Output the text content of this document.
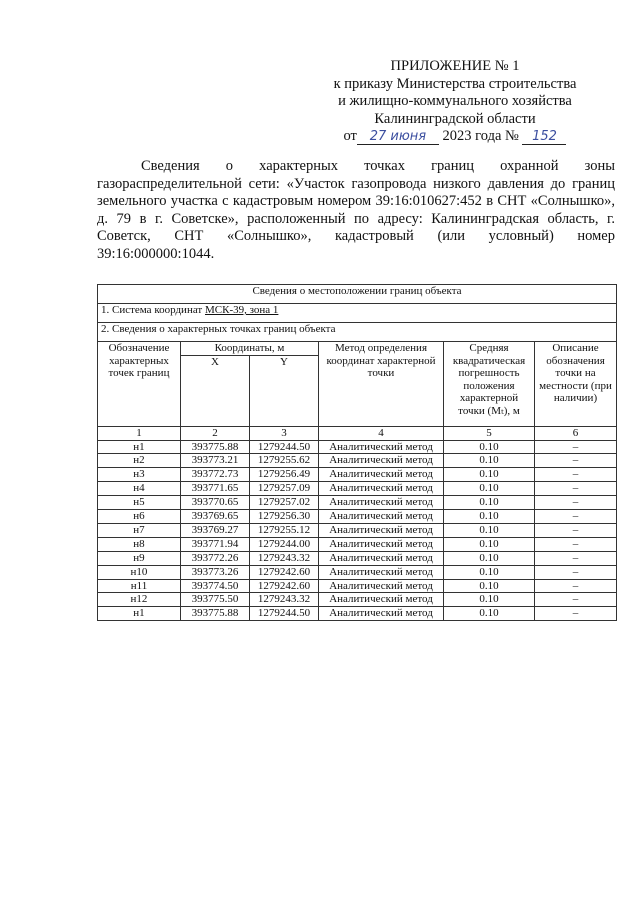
ПРИЛОЖЕНИЕ № 1
к приказу Министерства строительства
и жилищно-коммунального хозяйства
Калининградской области
от 27 июня 2023 года № 152

Сведения о характерных точках границ охранной зоны газораспределительной сети: «Участок газопровода низкого давления до границ земельного участка с кадастровым номером 39:16:010627:452 в СНТ «Солнышко», д. 79 в г. Советске», расположенный по адресу: Калининградская область, г. Советск, СНТ «Солнышко», кадастровый (или условный) номер 39:16:000000:1044.

Сведения о местоположении границ объекта					
1. Система координат МСК-39, зона 1					
2. Сведения о характерных точках границ объекта					
Обозначение характерных точек границ	Координаты, м		Метод определения координат характерной точки	Средняя квадратическая погрешность положения характерной точки (Mₜ), м	Описание обозначения точки на местности (при наличии)
	X	Y			
1	2	3	4	5	6
н1	393775.88	1279244.50	Аналитический метод	0.10	–
н2	393773.21	1279255.62	Аналитический метод	0.10	–
н3	393772.73	1279256.49	Аналитический метод	0.10	–
н4	393771.65	1279257.09	Аналитический метод	0.10	–
н5	393770.65	1279257.02	Аналитический метод	0.10	–
н6	393769.65	1279256.30	Аналитический метод	0.10	–
н7	393769.27	1279255.12	Аналитический метод	0.10	–
н8	393771.94	1279244.00	Аналитический метод	0.10	–
н9	393772.26	1279243.32	Аналитический метод	0.10	–
н10	393773.26	1279242.60	Аналитический метод	0.10	–
н11	393774.50	1279242.60	Аналитический метод	0.10	–
н12	393775.50	1279243.32	Аналитический метод	0.10	–
н1	393775.88	1279244.50	Аналитический метод	0.10	–
